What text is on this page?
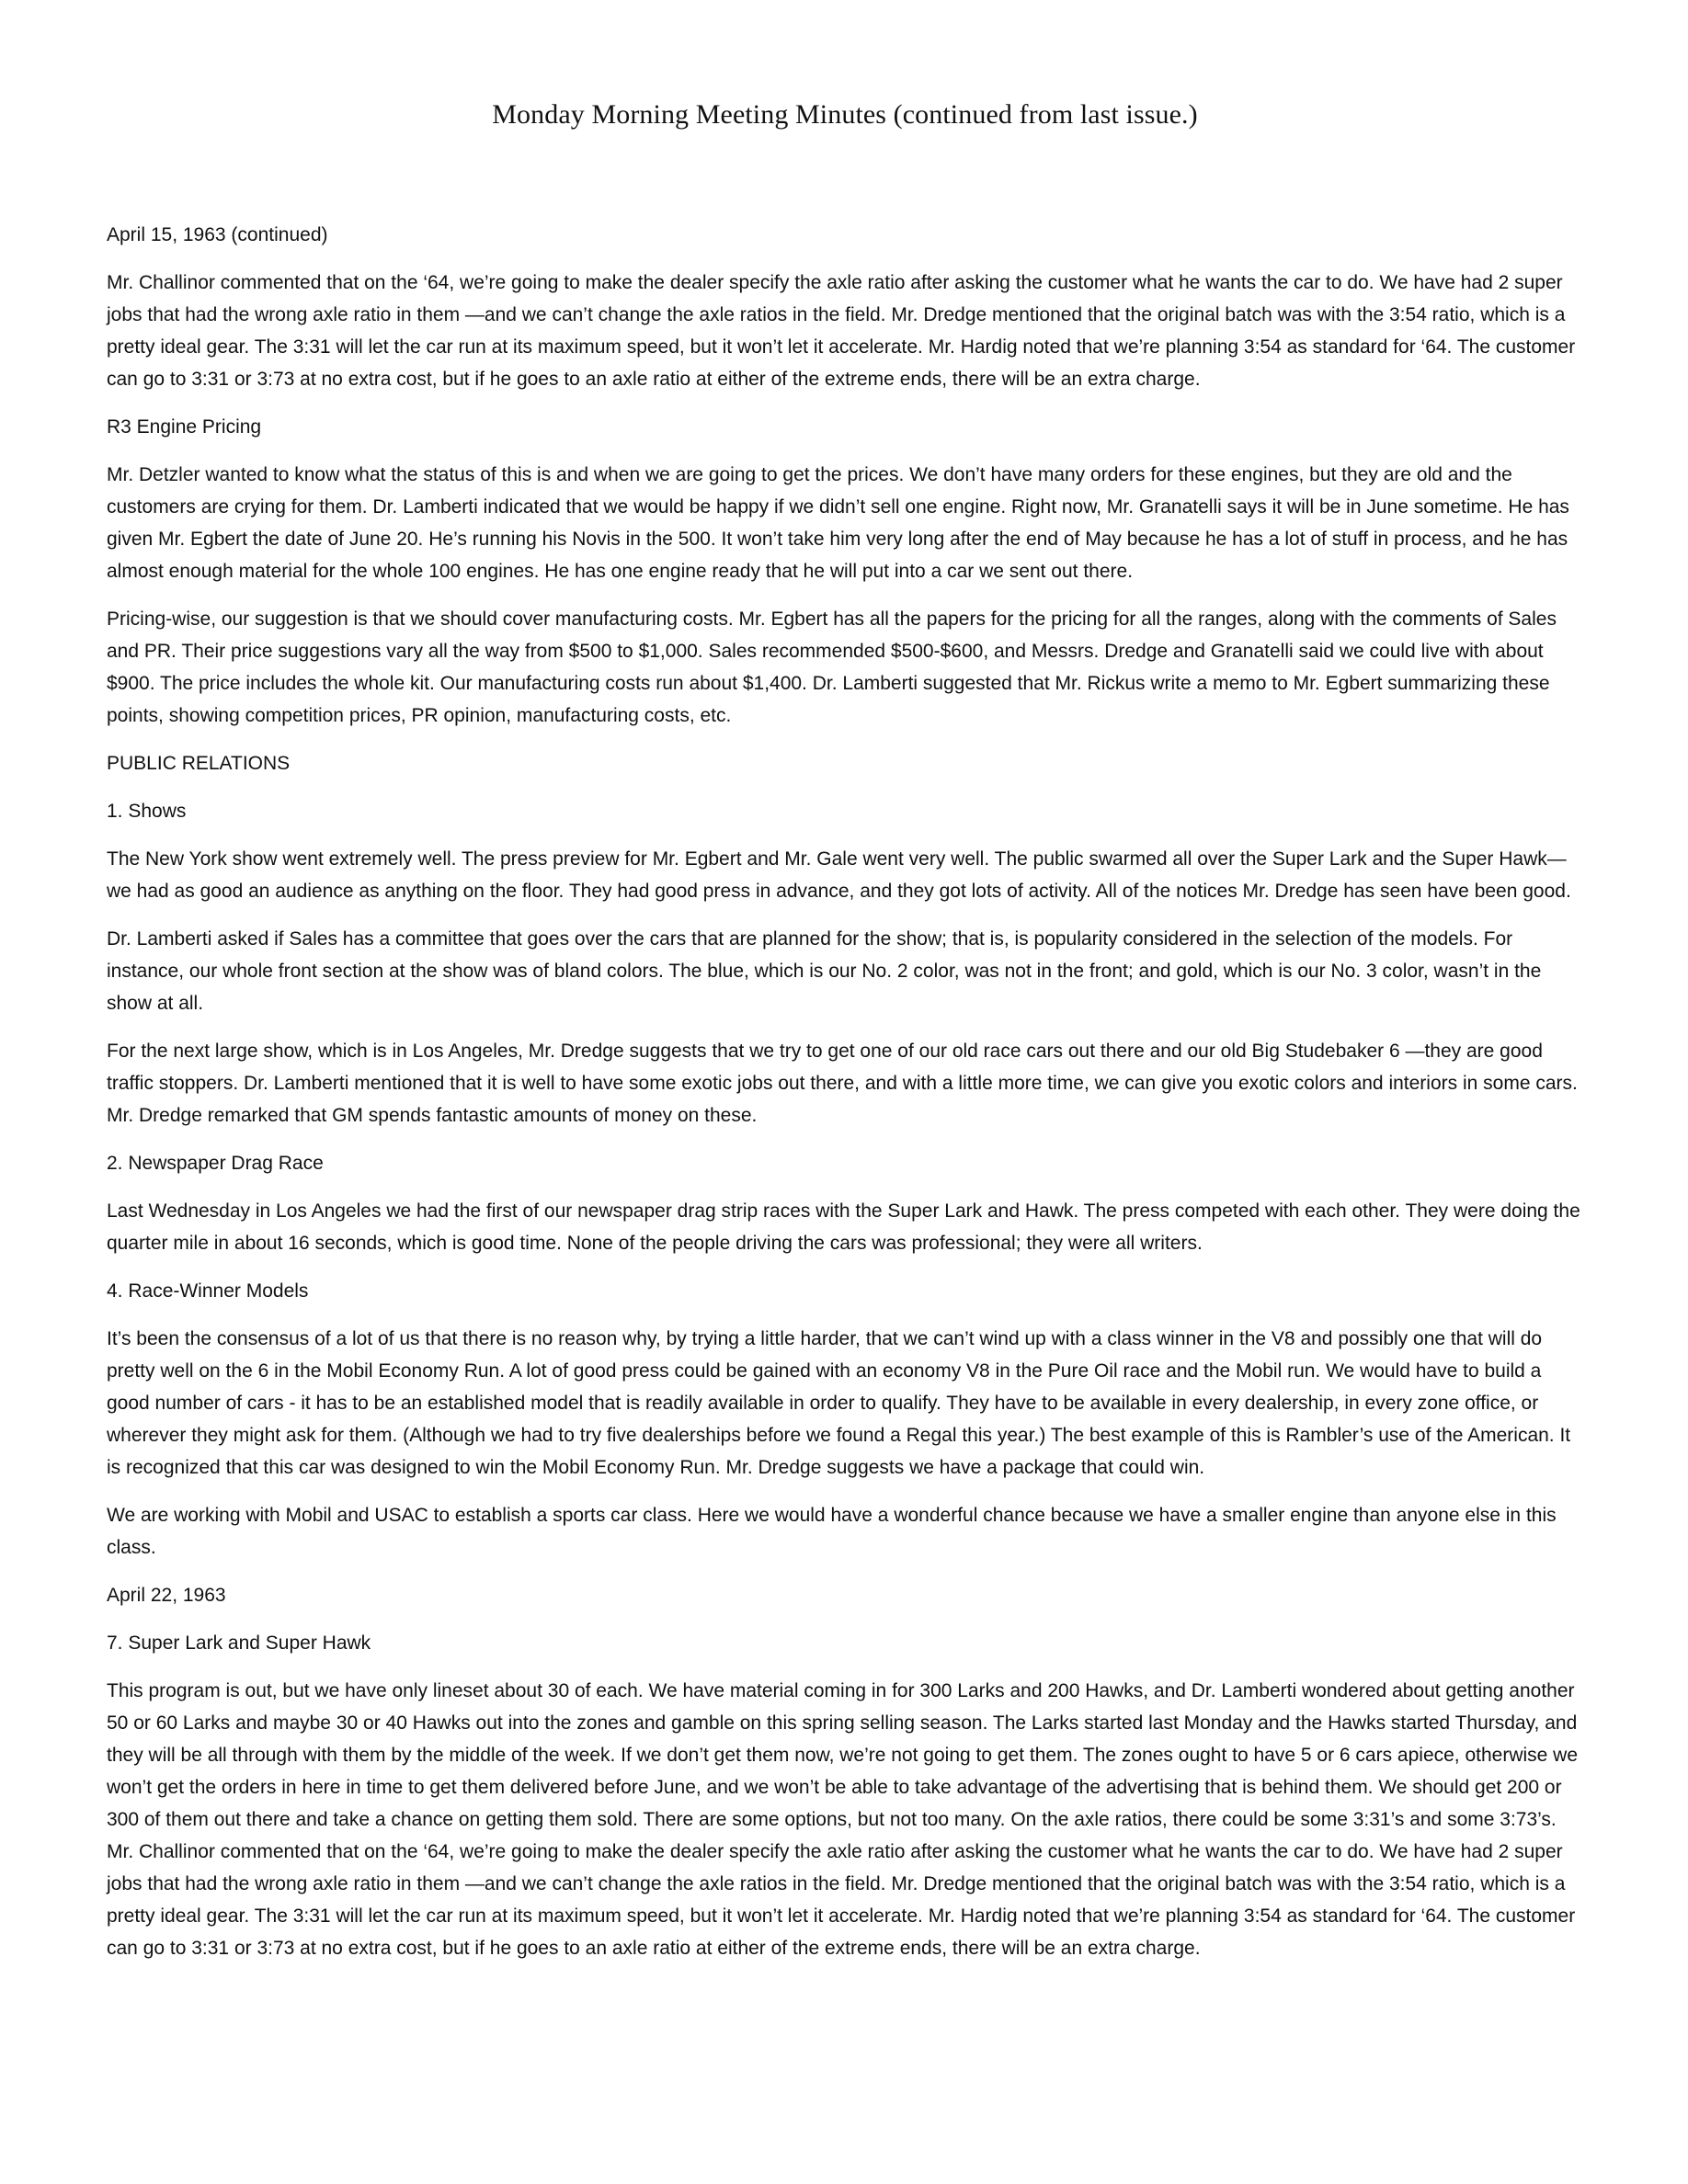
Monday Morning Meeting Minutes (continued from last issue.)

April 15, 1963 (continued)

Mr. Challinor commented that on the ‘64, we’re going to make the dealer specify the axle ratio after asking the customer what he wants the car to do. We have had 2 super jobs that had the wrong axle ratio in them —and we can’t change the axle ratios in the field. Mr. Dredge mentioned that the original batch was with the 3:54 ratio, which is a pretty ideal gear. The 3:31 will let the car run at its maximum speed, but it won’t let it accelerate. Mr. Hardig noted that we’re planning 3:54 as standard for ‘64. The customer can go to 3:31 or 3:73 at no extra cost, but if he goes to an axle ratio at either of the extreme ends, there will be an extra charge.

R3 Engine Pricing

Mr. Detzler wanted to know what the status of this is and when we are going to get the prices. We don’t have many orders for these engines, but they are old and the customers are crying for them. Dr. Lamberti indicated that we would be happy if we didn’t sell one engine. Right now, Mr. Granatelli says it will be in June sometime. He has given Mr. Egbert the date of June 20. He’s running his Novis in the 500. It won’t take him very long after the end of May because he has a lot of stuff in process, and he has almost enough material for the whole 100 engines. He has one engine ready that he will put into a car we sent out there.

Pricing-wise, our suggestion is that we should cover manufacturing costs. Mr. Egbert has all the papers for the pricing for all the ranges, along with the comments of Sales and PR. Their price suggestions vary all the way from $500 to $1,000. Sales recommended $500-$600, and Messrs. Dredge and Granatelli said we could live with about $900. The price includes the whole kit. Our manufacturing costs run about $1,400. Dr. Lamberti suggested that Mr. Rickus write a memo to Mr. Egbert summarizing these points, showing competition prices, PR opinion, manufacturing costs, etc.

PUBLIC RELATIONS

1. Shows

The New York show went extremely well. The press preview for Mr. Egbert and Mr. Gale went very well. The public swarmed all over the Super Lark and the Super Hawk—we had as good an audience as anything on the floor. They had good press in advance, and they got lots of activity. All of the notices Mr. Dredge has seen have been good.

Dr. Lamberti asked if Sales has a committee that goes over the cars that are planned for the show; that is, is popularity considered in the selection of the models. For instance, our whole front section at the show was of bland colors. The blue, which is our No. 2 color, was not in the front; and gold, which is our No. 3 color, wasn’t in the show at all.

For the next large show, which is in Los Angeles, Mr. Dredge suggests that we try to get one of our old race cars out there and our old Big Studebaker 6 —they are good traffic stoppers. Dr. Lamberti mentioned that it is well to have some exotic jobs out there, and with a little more time, we can give you exotic colors and interiors in some cars. Mr. Dredge remarked that GM spends fantastic amounts of money on these.

2. Newspaper Drag Race

Last Wednesday in Los Angeles we had the first of our newspaper drag strip races with the Super Lark and Hawk. The press competed with each other. They were doing the quarter mile in about 16 seconds, which is good time. None of the people driving the cars was professional; they were all writers.

4. Race-Winner Models

It’s been the consensus of a lot of us that there is no reason why, by trying a little harder, that we can’t wind up with a class winner in the V8 and possibly one that will do pretty well on the 6 in the Mobil Economy Run. A lot of good press could be gained with an economy V8 in the Pure Oil race and the Mobil run. We would have to build a good number of cars - it has to be an established model that is readily available in order to qualify. They have to be available in every dealership, in every zone office, or wherever they might ask for them. (Although we had to try five dealerships before we found a Regal this year.) The best example of this is Rambler’s use of the American. It is recognized that this car was designed to win the Mobil Economy Run. Mr. Dredge suggests we have a package that could win.

We are working with Mobil and USAC to establish a sports car class. Here we would have a wonderful chance because we have a smaller engine than anyone else in this class.

April 22, 1963

7. Super Lark and Super Hawk

This program is out, but we have only lineset about 30 of each. We have material coming in for 300 Larks and 200 Hawks, and Dr. Lamberti wondered about getting another 50 or 60 Larks and maybe 30 or 40 Hawks out into the zones and gamble on this spring selling season. The Larks started last Monday and the Hawks started Thursday, and they will be all through with them by the middle of the week. If we don’t get them now, we’re not going to get them. The zones ought to have 5 or 6 cars apiece, otherwise we won’t get the orders in here in time to get them delivered before June, and we won’t be able to take advantage of the advertising that is behind them. We should get 200 or 300 of them out there and take a chance on getting them sold. There are some options, but not too many. On the axle ratios, there could be some 3:31’s and some 3:73’s. Mr. Challinor commented that on the ‘64, we’re going to make the dealer specify the axle ratio after asking the customer what he wants the car to do. We have had 2 super jobs that had the wrong axle ratio in them —and we can’t change the axle ratios in the field. Mr. Dredge mentioned that the original batch was with the 3:54 ratio, which is a pretty ideal gear. The 3:31 will let the car run at its maximum speed, but it won’t let it accelerate. Mr. Hardig noted that we’re planning 3:54 as standard for ‘64. The customer can go to 3:31 or 3:73 at no extra cost, but if he goes to an axle ratio at either of the extreme ends, there will be an extra charge.
